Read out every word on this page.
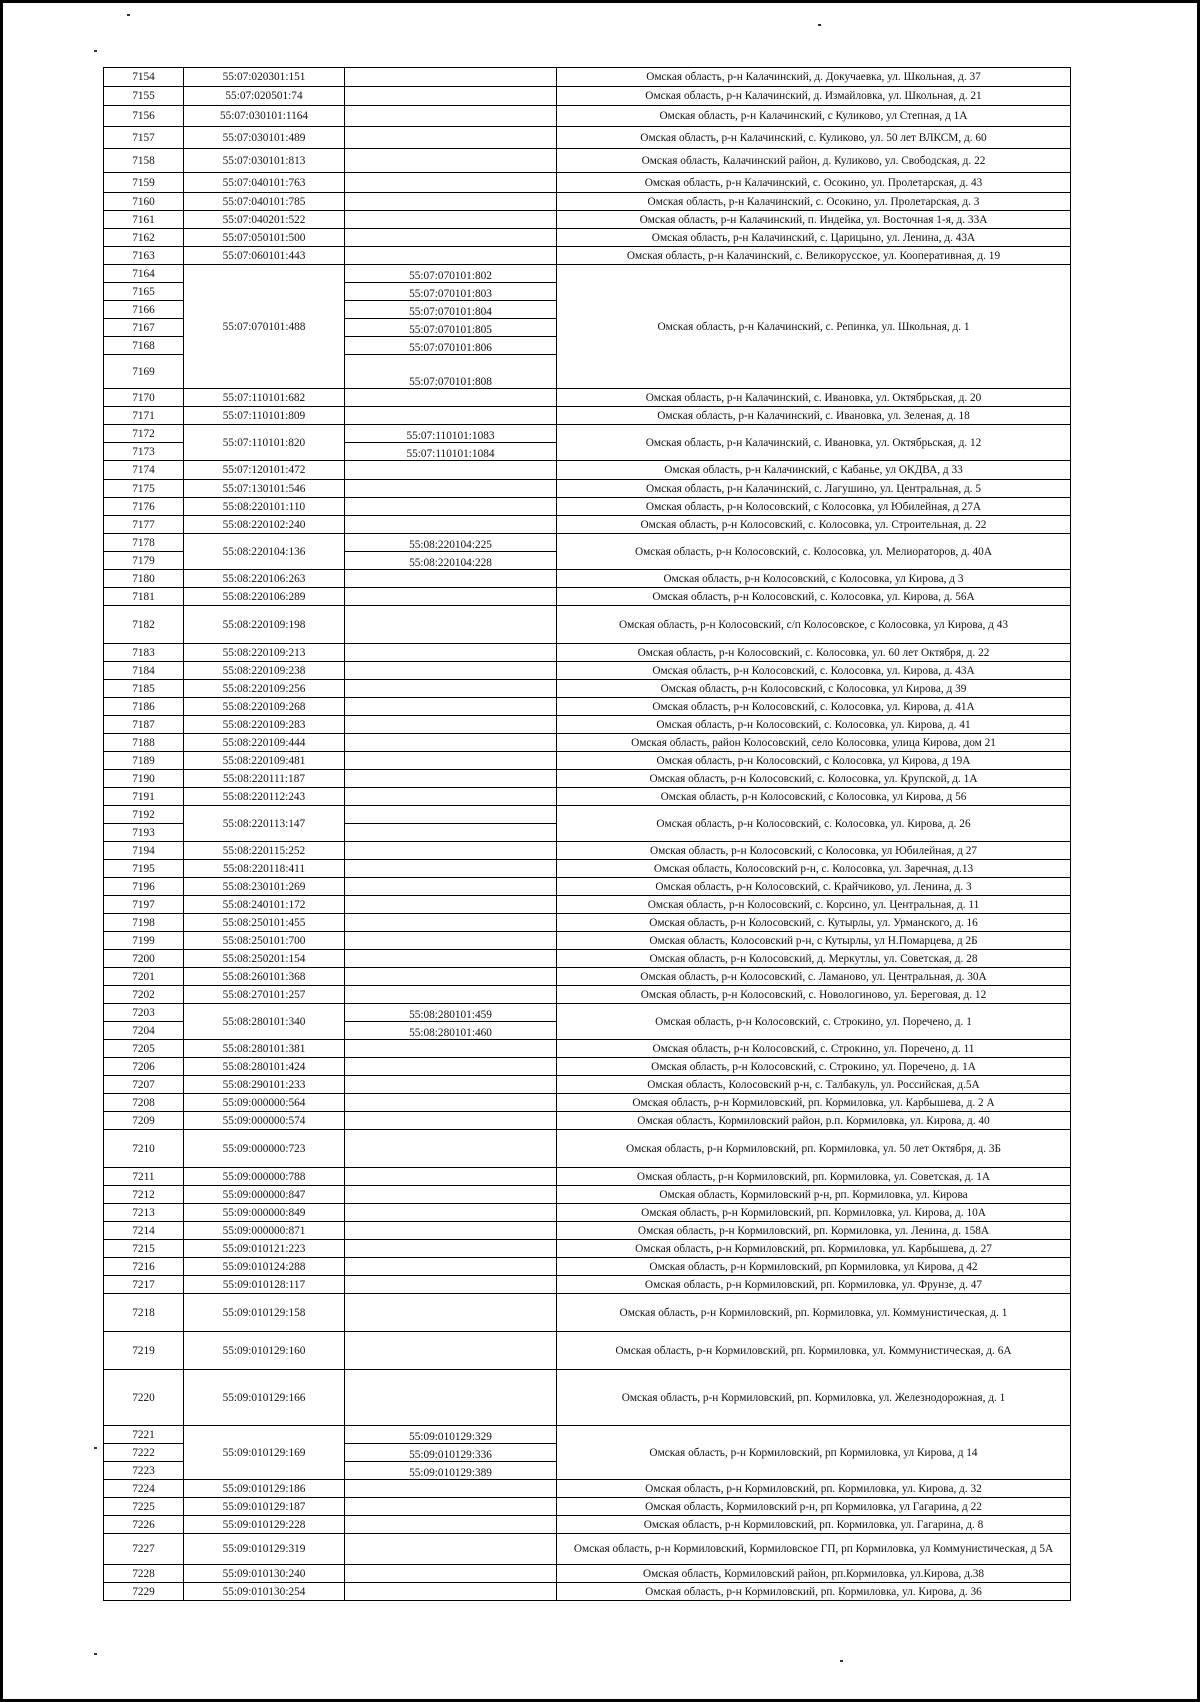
7154	55:07:020301:151		Омская область, р-н Калачинский, д. Докучаевка, ул. Школьная, д. 37
7155	55:07:020501:74		Омская область, р-н Калачинский, д. Измайловка, ул. Школьная, д. 21
7156	55:07:030101:1164		Омская область, р-н Калачинский, с Куликово, ул Степная, д 1А
7157	55:07:030101:489		Омская область, р-н Калачинский, с. Куликово, ул. 50 лет ВЛКСМ, д. 60
7158	55:07:030101:813		Омская область, Калачинский район, д. Куликово, ул. Свободская, д. 22
7159	55:07:040101:763		Омская область, р-н Калачинский, с. Осокино, ул. Пролетарская, д. 43
7160	55:07:040101:785		Омская область, р-н Калачинский, с. Осокино, ул. Пролетарская, д. 3
7161	55:07:040201:522		Омская область, р-н Калачинский, п. Индейка, ул. Восточная 1-я, д. 33А
7162	55:07:050101:500		Омская область, р-н Калачинский, с. Царицыно, ул. Ленина, д. 43А
7163	55:07:060101:443		Омская область, р-н Калачинский, с. Великорусское, ул. Кооперативная, д. 19
7164	55:07:070101:488	55:07:070101:802	Омская область, р-н Калачинский, с. Репинка, ул. Школьная, д. 1
7165		55:07:070101:803	
7166		55:07:070101:804	
7167		55:07:070101:805	
7168		55:07:070101:806	
7169		55:07:070101:808	
7170	55:07:110101:682		Омская область, р-н Калачинский, с. Ивановка, ул. Октябрьская, д. 20
7171	55:07:110101:809		Омская область, р-н Калачинский, с. Ивановка, ул. Зеленая, д. 18
7172	55:07:110101:820	55:07:110101:1083	Омская область, р-н Калачинский, с. Ивановка, ул. Октябрьская, д. 12
7173		55:07:110101:1084	
7174	55:07:120101:472		Омская область, р-н Калачинский, с Кабанье, ул ОКДВА, д 33
7175	55:07:130101:546		Омская область, р-н Калачинский, с. Лагушино, ул. Центральная, д. 5
7176	55:08:220101:110		Омская область, р-н Колосовский, с Колосовка, ул Юбилейная, д 27А
7177	55:08:220102:240		Омская область, р-н Колосовский, с. Колосовка, ул. Строительная, д. 22
7178	55:08:220104:136	55:08:220104:225	Омская область, р-н Колосовский, с. Колосовка, ул. Мелиораторов, д. 40А
7179		55:08:220104:228	
7180	55:08:220106:263		Омская область, р-н Колосовский, с Колосовка, ул Кирова, д 3
7181	55:08:220106:289		Омская область, р-н Колосовский, с. Колосовка, ул. Кирова, д. 56А
7182	55:08:220109:198		Омская область, р-н Колосовский, с/п Колосовское, с Колосовка, ул Кирова, д 43
7183	55:08:220109:213		Омская область, р-н Колосовский, с. Колосовка, ул. 60 лет Октября, д. 22
7184	55:08:220109:238		Омская область, р-н Колосовский, с. Колосовка, ул. Кирова, д. 43А
7185	55:08:220109:256		Омская область, р-н Колосовский, с Колосовка, ул Кирова, д 39
7186	55:08:220109:268		Омская область, р-н Колосовский, с. Колосовка, ул. Кирова, д. 41А
7187	55:08:220109:283		Омская область, р-н Колосовский, с. Колосовка, ул. Кирова, д. 41
7188	55:08:220109:444		Омская область, район Колосовский, село Колосовка, улица Кирова, дом 21
7189	55:08:220109:481		Омская область, р-н Колосовский, с Колосовка, ул Кирова, д 19А
7190	55:08:220111:187		Омская область, р-н Колосовский, с. Колосовка, ул. Крупской, д. 1А
7191	55:08:220112:243		Омская область, р-н Колосовский, с Колосовка, ул Кирова, д 56
7192	55:08:220113:147		Омская область, р-н Колосовский, с. Колосовка, ул. Кирова, д. 26
7193			
7194	55:08:220115:252		Омская область, р-н Колосовский, с Колосовка, ул Юбилейная, д 27
7195	55:08:220118:411		Омская область, Колосовский р-н, с. Колосовка, ул. Заречная, д.13
7196	55:08:230101:269		Омская область, р-н Колосовский, с. Крайчиково, ул. Ленина, д. 3
7197	55:08:240101:172		Омская область, р-н Колосовский, с. Корсино, ул. Центральная, д. 11
7198	55:08:250101:455		Омская область, р-н Колосовский, с. Кутырлы, ул. Урманского, д. 16
7199	55:08:250101:700		Омская область, Колосовский р-н, с Кутырлы, ул Н.Помарцева, д 2Б
7200	55:08:250201:154		Омская область, р-н Колосовский, д. Меркутлы, ул. Советская, д. 28
7201	55:08:260101:368		Омская область, р-н Колосовский, с. Ламаново, ул. Центральная, д. 30А
7202	55:08:270101:257		Омская область, р-н Колосовский, с. Новологиново, ул. Береговая, д. 12
7203	55:08:280101:340	55:08:280101:459	Омская область, р-н Колосовский, с. Строкино, ул. Поречено, д. 1
7204		55:08:280101:460	
7205	55:08:280101:381		Омская область, р-н Колосовский, с. Строкино, ул. Поречено, д. 11
7206	55:08:280101:424		Омская область, р-н Колосовский, с. Строкино, ул. Поречено, д. 1А
7207	55:08:290101:233		Омская область, Колосовский р-н, с. Талбакуль, ул. Российская, д.5А
7208	55:09:000000:564		Омская область, р-н Кормиловский, рп. Кормиловка, ул. Карбышева, д. 2 А
7209	55:09:000000:574		Омская область, Кормиловский район, р.п. Кормиловка, ул. Кирова, д. 40
7210	55:09:000000:723		Омская область, р-н Кормиловский, рп. Кормиловка, ул. 50 лет Октября, д. 3Б
7211	55:09:000000:788		Омская область, р-н Кормиловский, рп. Кормиловка, ул. Советская, д. 1А
7212	55:09:000000:847		Омская область, Кормиловский р-н, рп. Кормиловка, ул. Кирова
7213	55:09:000000:849		Омская область, р-н Кормиловский, рп. Кормиловка, ул. Кирова, д. 10А
7214	55:09:000000:871		Омская область, р-н Кормиловский, рп. Кормиловка, ул. Ленина, д. 158А
7215	55:09:010121:223		Омская область, р-н Кормиловский, рп. Кормиловка, ул. Карбышева, д. 27
7216	55:09:010124:288		Омская область, р-н Кормиловский, рп Кормиловка, ул Кирова, д 42
7217	55:09:010128:117		Омская область, р-н Кормиловский, рп. Кормиловка, ул. Фрунзе, д. 47
7218	55:09:010129:158		Омская область, р-н Кормиловский, рп. Кормиловка, ул. Коммунистическая, д. 1
7219	55:09:010129:160		Омская область, р-н Кормиловский, рп. Кормиловка, ул. Коммунистическая, д. 6А
7220	55:09:010129:166		Омская область, р-н Кормиловский, рп. Кормиловка, ул. Железнодорожная, д. 1
7221	55:09:010129:169	55:09:010129:329	Омская область, р-н Кормиловский, рп Кормиловка, ул Кирова, д 14
7222		55:09:010129:336	
7223		55:09:010129:389	
7224	55:09:010129:186		Омская область, р-н Кормиловский, рп. Кормиловка, ул. Кирова, д. 32
7225	55:09:010129:187		Омская область, Кормиловский р-н, рп Кормиловка, ул Гагарина, д 22
7226	55:09:010129:228		Омская область, р-н Кормиловский, рп. Кормиловка, ул. Гагарина, д. 8
7227	55:09:010129:319		Омская область, р-н Кормиловский, Кормиловское ГП, рп Кормиловка, ул Коммунистическая, д 5А
7228	55:09:010130:240		Омская область, Кормиловский район, рп.Кормиловка, ул.Кирова, д.38
7229	55:09:010130:254		Омская область, р-н Кормиловский, рп. Кормиловка, ул. Кирова, д. 36
